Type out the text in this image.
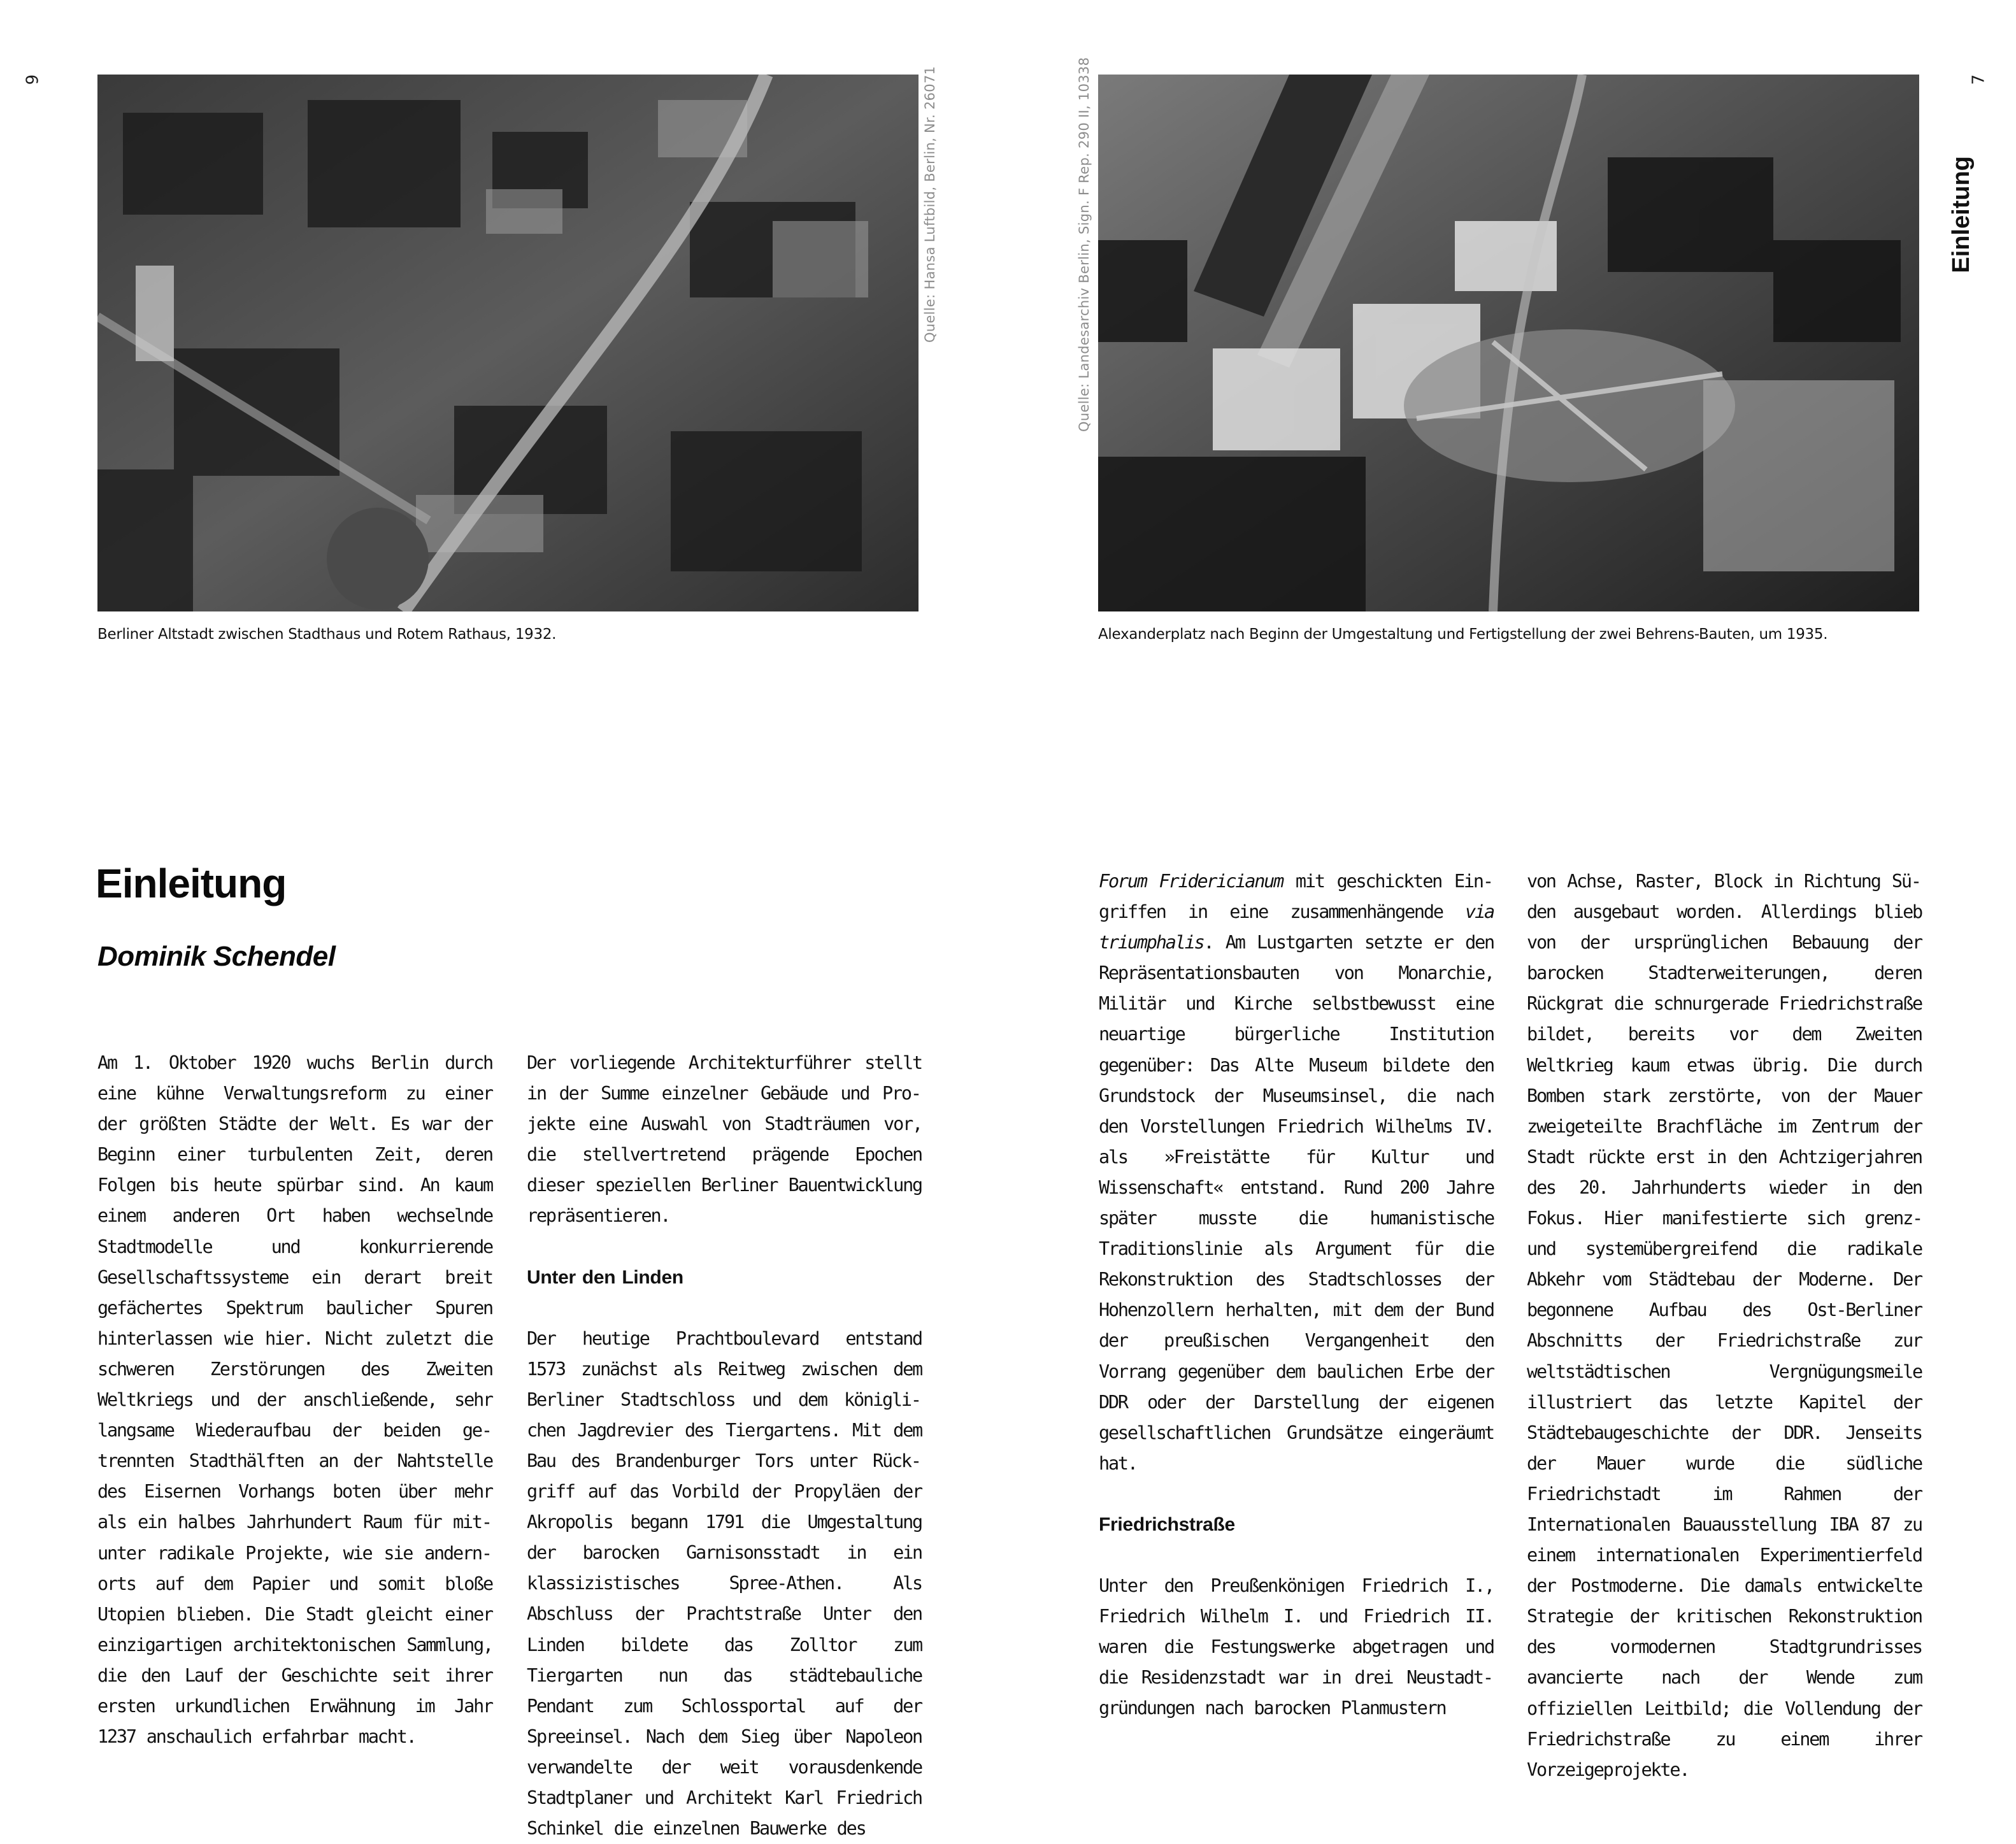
6	7
Einleitung
Quelle: Hansa Luftbild, Berlin, Nr. 26071
Berliner Altstadt zwischen Stadthaus und Rotem Rathaus, 1932.
Quelle: Landesarchiv Berlin, Sign. F Rep. 290 II, 10338
Alexanderplatz nach Beginn der Umgestaltung und Fertigstellung der zwei Behrens-Bauten, um 1935.
Einleitung
Dominik Schendel

Am 1. Oktober 1920 wuchs Berlin durch eine kühne Verwaltungsreform zu einer der größten Städte der Welt. Es war der Beginn einer turbulenten Zeit, deren Folgen bis heute spürbar sind. An kaum einem anderen Ort haben wechselnde Stadtmodelle und konkurrierende Gesellschaftssysteme ein derart breit gefächertes Spektrum baulicher Spuren hinterlassen wie hier. Nicht zuletzt die schweren Zerstörungen des Zweiten Weltkriegs und der anschließende, sehr langsame Wiederaufbau der beiden getrennten Stadthälften an der Nahtstelle des Eisernen Vorhangs boten über mehr als ein halbes Jahrhundert Raum für mitunter radikale Projekte, wie sie andernorts auf dem Papier und somit bloße Utopien blieben. Die Stadt gleicht einer einzigartigen architektonischen Sammlung, die den Lauf der Geschichte seit ihrer ersten urkundlichen Erwähnung im Jahr 1237 anschaulich erfahrbar macht.

Der vorliegende Architekturführer stellt in der Summe einzelner Gebäude und Projekte eine Auswahl von Stadträumen vor, die stellvertretend prägende Epochen dieser speziellen Berliner Bauentwicklung repräsentieren.

Unter den Linden

Der heutige Prachtboulevard entstand 1573 zunächst als Reitweg zwischen dem Berliner Stadtschloss und dem königlichen Jagdrevier des Tiergartens. Mit dem Bau des Brandenburger Tors unter Rückgriff auf das Vorbild der Propyläen der Akropolis begann 1791 die Umgestaltung der barocken Garnisonsstadt in ein klassizistisches Spree-Athen. Als Abschluss der Prachtstraße Unter den Linden bildete das Zolltor zum Tiergarten nun das städtebauliche Pendant zum Schlossportal auf der Spreeinsel. Nach dem Sieg über Napoleon verwandelte der weit vorausdenkende Stadtplaner und Architekt Karl Friedrich Schinkel die einzelnen Bauwerke des

Forum Fridericianum mit geschickten Eingriffen in eine zusammenhängende via triumphalis. Am Lustgarten setzte er den Repräsentationsbauten von Monarchie, Militär und Kirche selbstbewusst eine neuartige bürgerliche Institution gegenüber: Das Alte Museum bildete den Grundstock der Museumsinsel, die nach den Vorstellungen Friedrich Wilhelms IV. als »Freistätte für Kultur und Wissenschaft« entstand. Rund 200 Jahre später musste die humanistische Traditionslinie als Argument für die Rekonstruktion des Stadtschlosses der Hohenzollern herhalten, mit dem der Bund der preußischen Vergangenheit den Vorrang gegenüber dem baulichen Erbe der DDR oder der Darstellung der eigenen gesellschaftlichen Grundsätze eingeräumt hat.

Friedrichstraße

Unter den Preußenkönigen Friedrich I., Friedrich Wilhelm I. und Friedrich II. waren die Festungswerke abgetragen und die Residenzstadt war in drei Neustadtgründungen nach barocken Planmustern

von Achse, Raster, Block in Richtung Süden ausgebaut worden. Allerdings blieb von der ursprünglichen Bebauung der barocken Stadterweiterungen, deren Rückgrat die schnurgerade Friedrichstraße bildet, bereits vor dem Zweiten Weltkrieg kaum etwas übrig. Die durch Bomben stark zerstörte, von der Mauer zweigeteilte Brachfläche im Zentrum der Stadt rückte erst in den Achtzigerjahren des 20. Jahrhunderts wieder in den Fokus. Hier manifestierte sich grenz- und systemübergreifend die radikale Abkehr vom Städtebau der Moderne. Der begonnene Aufbau des Ost-Berliner Abschnitts der Friedrichstraße zur weltstädtischen Vergnügungsmeile illustriert das letzte Kapitel der Städtebaugeschichte der DDR. Jenseits der Mauer wurde die südliche Friedrichstadt im Rahmen der Internationalen Bauausstellung IBA 87 zu einem internationalen Experimentierfeld der Postmoderne. Die damals entwickelte Strategie der kritischen Rekonstruktion des vormodernen Stadtgrundrisses avancierte nach der Wende zum offiziellen Leitbild; die Vollendung der Friedrichstraße zu einem ihrer Vorzeigeprojekte.
